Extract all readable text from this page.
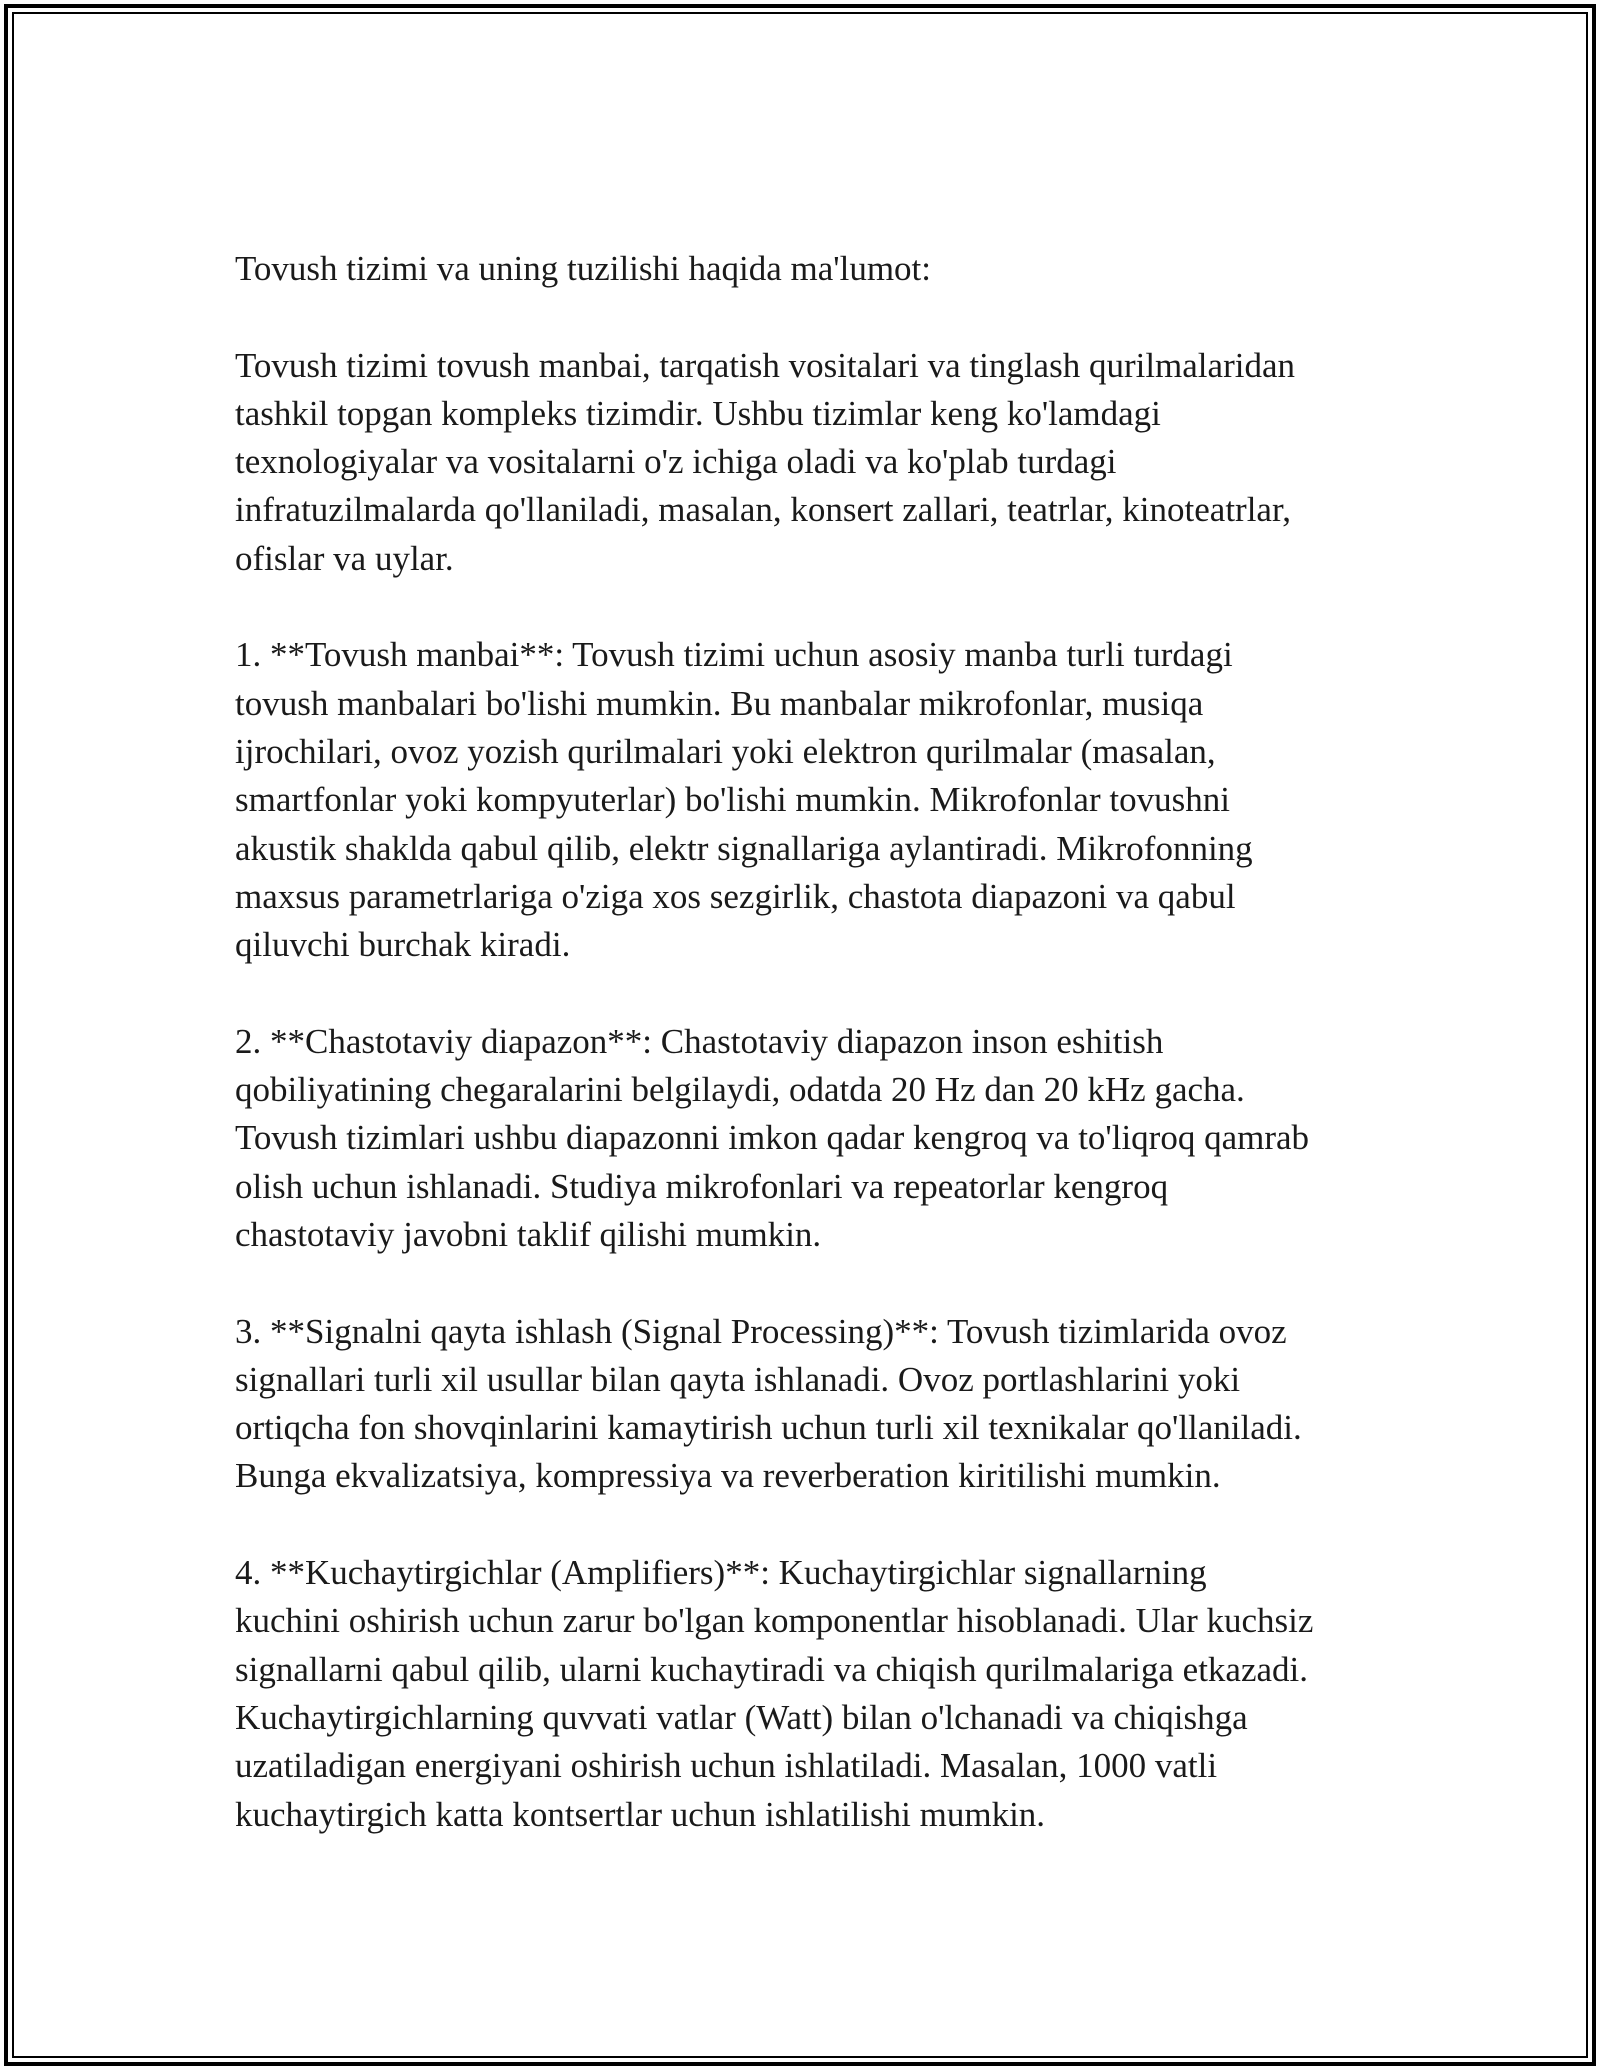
Tovush tizimi va uning tuzilishi haqida ma'lumot:

Tovush tizimi tovush manbai, tarqatish vositalari va tinglash qurilmalaridan
tashkil topgan kompleks tizimdir. Ushbu tizimlar keng ko'lamdagi
texnologiyalar va vositalarni o'z ichiga oladi va ko'plab turdagi
infratuzilmalarda qo'llaniladi, masalan, konsert zallari, teatrlar, kinoteatrlar,
ofislar va uylar.

1. **Tovush manbai**: Tovush tizimi uchun asosiy manba turli turdagi
tovush manbalari bo'lishi mumkin. Bu manbalar mikrofonlar, musiqa
ijrochilari, ovoz yozish qurilmalari yoki elektron qurilmalar (masalan,
smartfonlar yoki kompyuterlar) bo'lishi mumkin. Mikrofonlar tovushni
akustik shaklda qabul qilib, elektr signallariga aylantiradi. Mikrofonning
maxsus parametrlariga o'ziga xos sezgirlik, chastota diapazoni va qabul
qiluvchi burchak kiradi.

2. **Chastotaviy diapazon**: Chastotaviy diapazon inson eshitish
qobiliyatining chegaralarini belgilaydi, odatda 20 Hz dan 20 kHz gacha.
Tovush tizimlari ushbu diapazonni imkon qadar kengroq va to'liqroq qamrab
olish uchun ishlanadi. Studiya mikrofonlari va repeatorlar kengroq
chastotaviy javobni taklif qilishi mumkin.

3. **Signalni qayta ishlash (Signal Processing)**: Tovush tizimlarida ovoz
signallari turli xil usullar bilan qayta ishlanadi. Ovoz portlashlarini yoki
ortiqcha fon shovqinlarini kamaytirish uchun turli xil texnikalar qo'llaniladi.
Bunga ekvalizatsiya, kompressiya va reverberation kiritilishi mumkin.

4. **Kuchaytirgichlar (Amplifiers)**: Kuchaytirgichlar signallarning
kuchini oshirish uchun zarur bo'lgan komponentlar hisoblanadi. Ular kuchsiz
signallarni qabul qilib, ularni kuchaytiradi va chiqish qurilmalariga etkazadi.
Kuchaytirgichlarning quvvati vatlar (Watt) bilan o'lchanadi va chiqishga
uzatiladigan energiyani oshirish uchun ishlatiladi. Masalan, 1000 vatli
kuchaytirgich katta kontsertlar uchun ishlatilishi mumkin.
